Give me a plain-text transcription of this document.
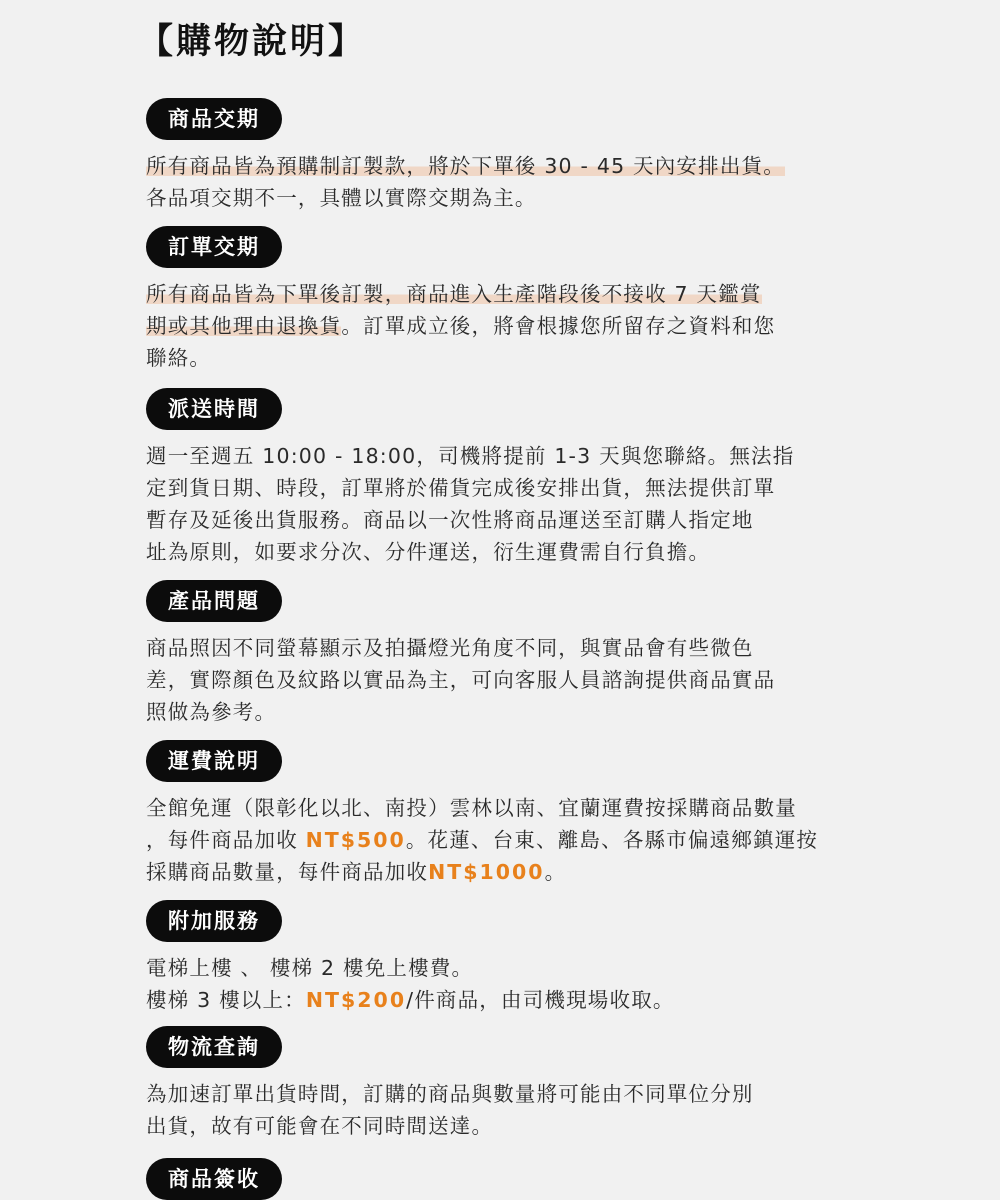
【購物說明】
商品交期
所有商品皆為預購制訂製款，將於下單後 30 - 45 天內安排出貨。
各品項交期不一，具體以實際交期為主。
訂單交期
所有商品皆為下單後訂製，商品進入生產階段後不接收 7 天鑑賞
期或其他理由退換貨。訂單成立後，將會根據您所留存之資料和您
聯絡。
派送時間
週一至週五 10:00 - 18:00，司機將提前 1-3 天與您聯絡。無法指
定到貨日期、時段，訂單將於備貨完成後安排出貨，無法提供訂單
暫存及延後出貨服務。商品以一次性將商品運送至訂購人指定地
址為原則，如要求分次、分件運送，衍生運費需自行負擔。
產品問題
商品照因不同螢幕顯示及拍攝燈光角度不同，與實品會有些微色
差，實際顏色及紋路以實品為主，可向客服人員諮詢提供商品實品
照做為參考。
運費說明
全館免運（限彰化以北、南投）雲林以南、宜蘭運費按採購商品數量
，每件商品加收 NT$500。花蓮、台東、離島、各縣市偏遠鄉鎮運按
採購商品數量，每件商品加收NT$1000。
附加服務
電梯上樓 、 樓梯 2 樓免上樓費。
樓梯 3 樓以上：NT$200/件商品，由司機現場收取。
物流查詢
為加速訂單出貨時間，訂購的商品與數量將可能由不同單位分別
出貨，故有可能會在不同時間送達。
商品簽收
